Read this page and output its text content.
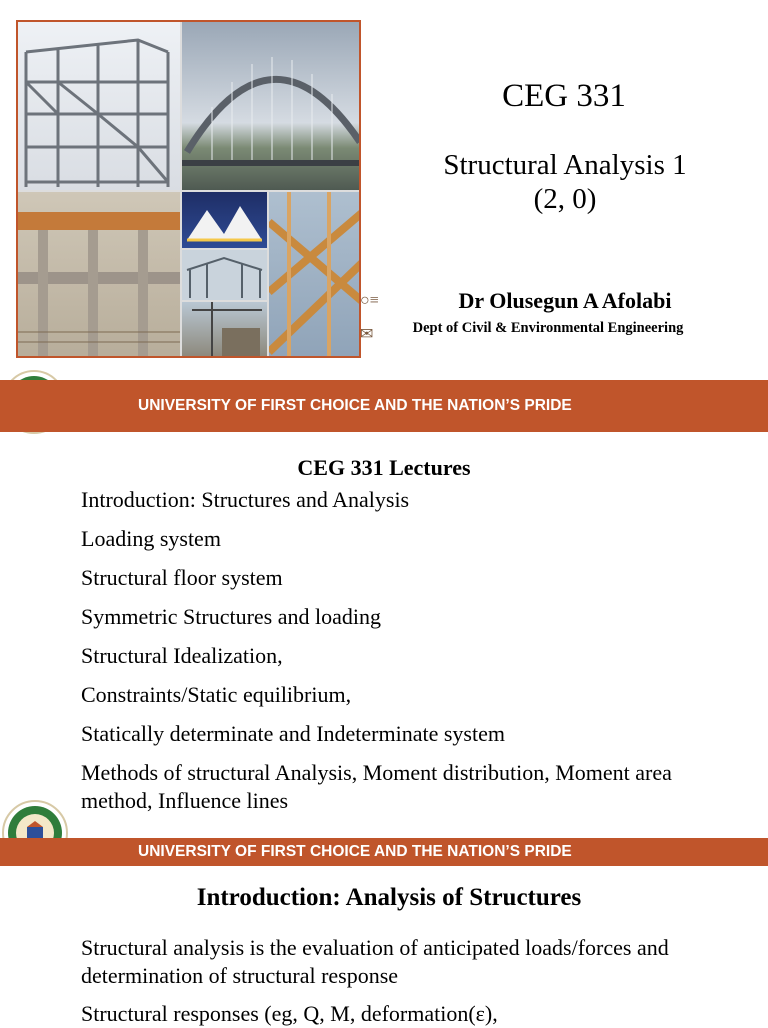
○≡
✉
CEG 331
Structural Analysis 1
(2, 0)
Dr Olusegun A Afolabi
Dept of Civil & Environmental Engineering
UNIVERSITY OF FIRST CHOICE AND THE NATION’S PRIDE
CEG 331 Lectures
Introduction: Structures and Analysis
Loading system
Structural floor system
Symmetric Structures and loading
Structural Idealization,
Constraints/Static equilibrium,
Statically determinate and Indeterminate system
Methods of structural Analysis, Moment distribution, Moment area method, Influence lines
UNIVERSITY OF FIRST CHOICE AND THE NATION’S PRIDE
Introduction: Analysis of Structures

Structural analysis is the evaluation of anticipated loads/forces and determination of structural response

Structural responses (eg, Q, M, deformation(ε),
